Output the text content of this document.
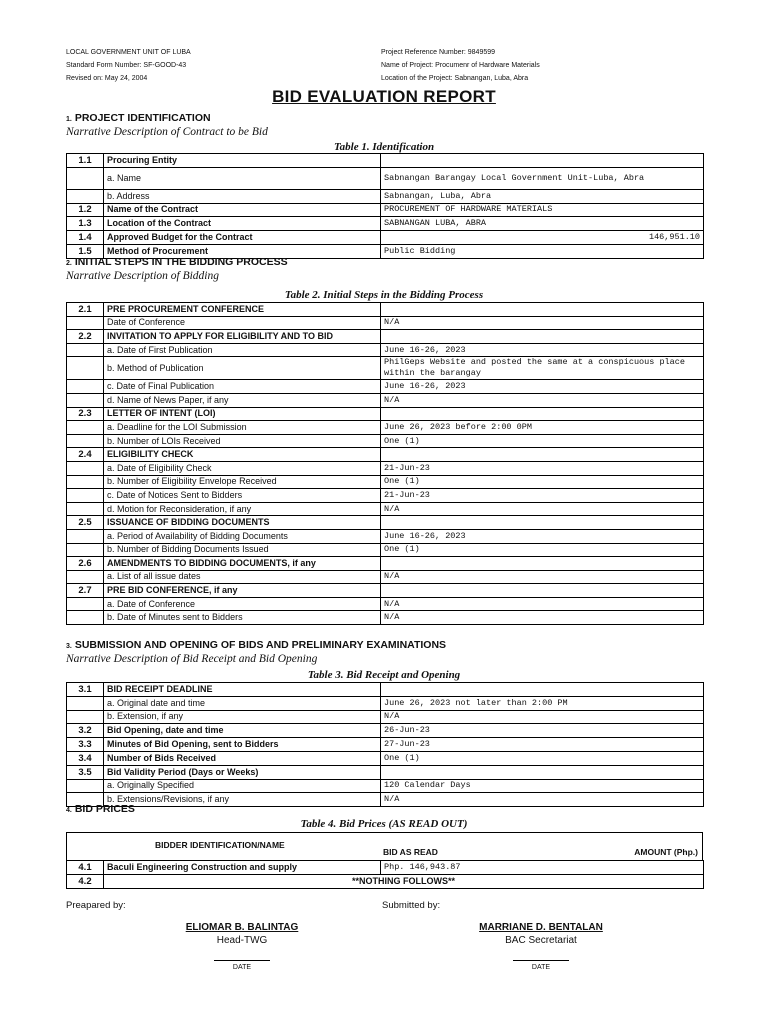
LOCAL GOVERNMENT UNIT OF LUBA
Standard Form Number: SF-GOOD-43
Revised on: May 24, 2004
Project Reference Number: 9849599
Name of Project: Procumenr of Hardware Materials
Location of the Project: Sabnangan, Luba, Abra
BID EVALUATION REPORT
1. PROJECT IDENTIFICATION
Narrative Description of Contract to be Bid
Table 1. Identification
1.1	Procuring Entity	
	a. Name	Sabnangan Barangay Local Government Unit-Luba, Abra
	b. Address	Sabnangan, Luba, Abra
1.2	Name of the Contract	PROCUREMENT OF HARDWARE MATERIALS
1.3	Location of the Contract	SABNANGAN LUBA, ABRA
1.4	Approved Budget for the Contract	146,951.10
1.5	Method of Procurement	Public Bidding
2. INITIAL STEPS IN THE BIDDING PROCESS
Narrative Description of Bidding
Table 2. Initial Steps in the Bidding Process
2.1	PRE PROCUREMENT CONFERENCE	
	Date of Conference	N/A
2.2	INVITATION TO APPLY FOR ELIGIBILITY AND TO BID	
	a. Date of First Publication	June 16-26, 2023
	b. Method of Publication	PhilGeps Website and posted the same at a conspicuous place within the barangay
	c. Date of Final Publication	June 16-26, 2023
	d. Name of News Paper, if any	N/A
2.3	LETTER OF INTENT (LOI)	
	a. Deadline for the LOI Submission	June 26, 2023 before 2:00 0PM
	b. Number of LOIs Received	One (1)
2.4	ELIGIBILITY CHECK	
	a. Date of Eligibility Check	21-Jun-23
	b. Number of Eligibility Envelope Received	One (1)
	c. Date of Notices Sent to Bidders	21-Jun-23
	d. Motion for Reconsideration, if any	N/A
2.5	ISSUANCE OF BIDDING DOCUMENTS	
	a. Period of Availability of Bidding Documents	June 16-26, 2023
	b. Number of Bidding Documents Issued	One (1)
2.6	AMENDMENTS TO BIDDING DOCUMENTS, if any	
	a. List of all issue dates	N/A
2.7	PRE BID CONFERENCE, if any	
	a. Date of Conference	N/A
	b. Date of Minutes sent to Bidders	N/A
3. SUBMISSION AND OPENING OF BIDS AND PRELIMINARY EXAMINATIONS
Narrative Description of Bid Receipt and Bid Opening
Table 3. Bid Receipt and Opening
3.1	BID RECEIPT DEADLINE	
	a. Original date and time	June 26, 2023 not later than 2:00 PM
	b. Extension, if any	N/A
3.2	Bid Opening, date and time	26-Jun-23
3.3	Minutes of Bid Opening, sent to Bidders	27-Jun-23
3.4	Number of Bids Received	One (1)
3.5	Bid Validity Period (Days or Weeks)	
	a. Originally Specified	120 Calendar Days
	b. Extensions/Revisions, if any	N/A
4. BID PRICES
Table 4. Bid Prices (AS READ OUT)
BIDDER IDENTIFICATION/NAME
BID AS READ	AMOUNT (Php.)
4.1	Baculi Engineering Construction and supply	Php. 146,943.87
4.2	**NOTHING FOLLOWS**	
Preapared by:	Submitted by:
ELIOMAR B. BALINTAG
Head-TWG
DATE
MARRIANE D. BENTALAN
BAC Secretariat
DATE
